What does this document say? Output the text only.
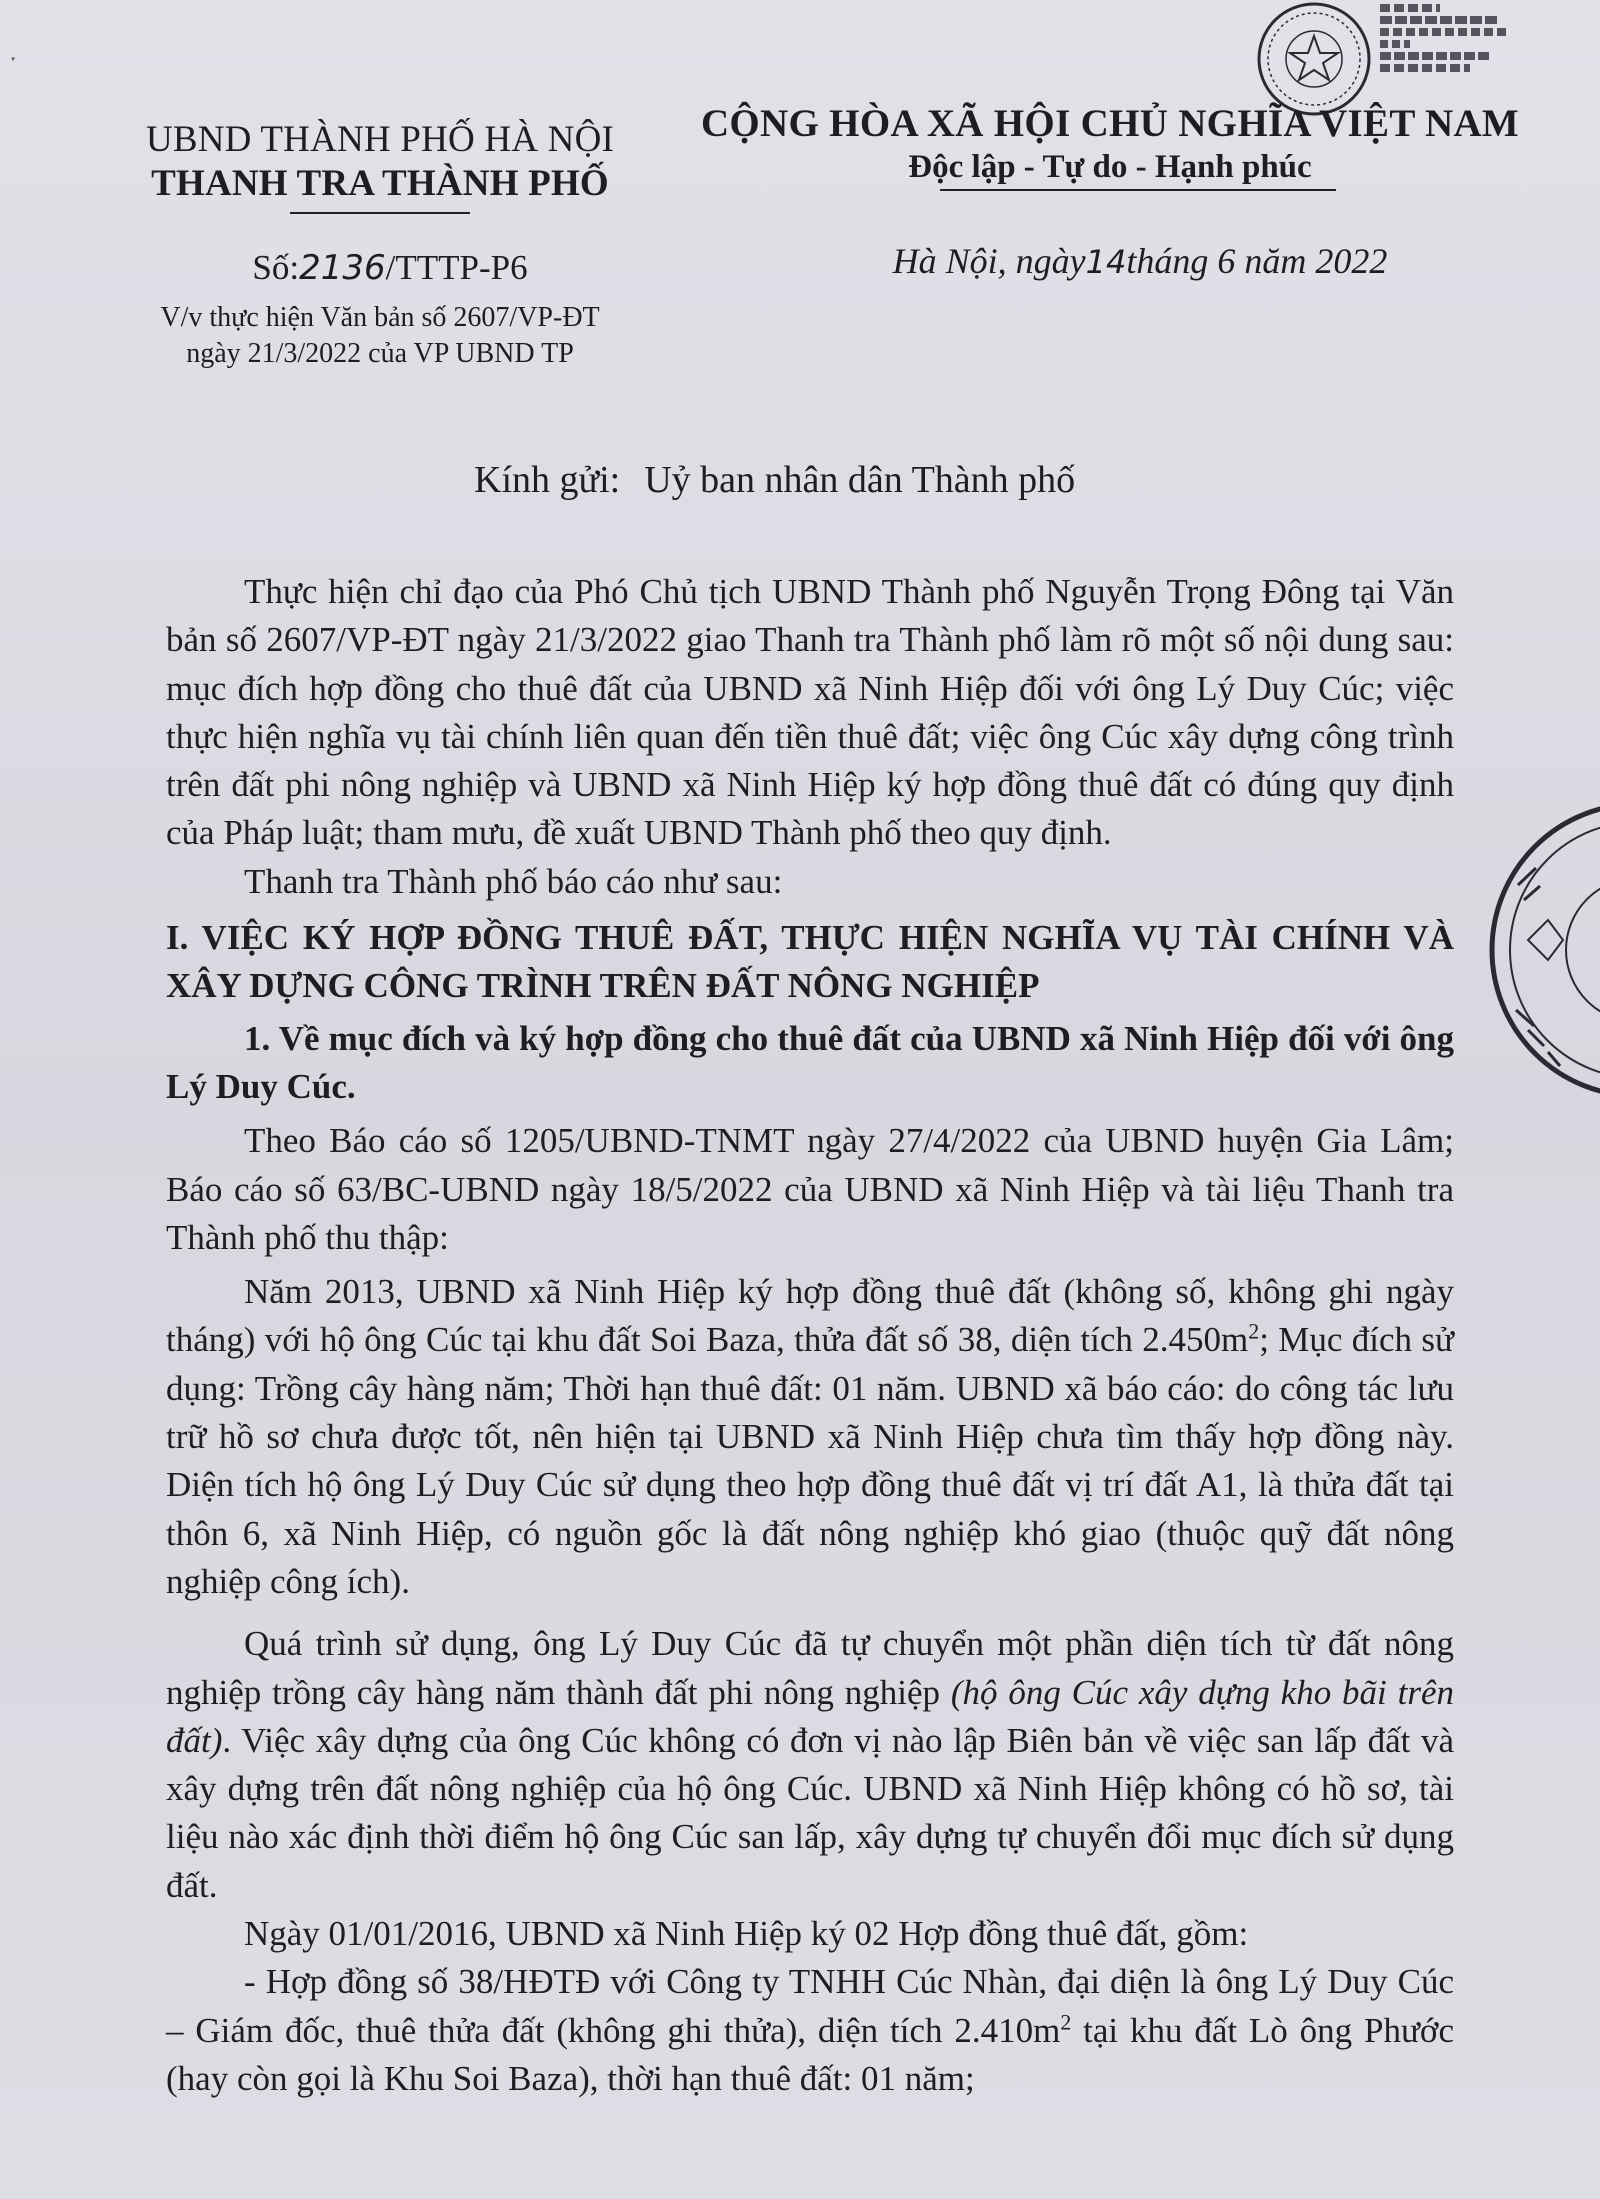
ˑ
UBND THÀNH PHỐ HÀ NỘI
THANH TRA THÀNH PHỐ
CỘNG HÒA XÃ HỘI CHỦ NGHĨA VIỆT NAM
Độc lập - Tự do - Hạnh phúc
Số:2136/TTTP-P6
V/v thực hiện Văn bản số 2607/VP-ĐT
ngày 21/3/2022 của VP UBND TP
Hà Nội, ngày14tháng 6 năm 2022
Kính gửi: Uỷ ban nhân dân Thành phố

Thực hiện chỉ đạo của Phó Chủ tịch UBND Thành phố Nguyễn Trọng Đông tại Văn bản số 2607/VP-ĐT ngày 21/3/2022 giao Thanh tra Thành phố làm rõ một số nội dung sau: mục đích hợp đồng cho thuê đất của UBND xã Ninh Hiệp đối với ông Lý Duy Cúc; việc thực hiện nghĩa vụ tài chính liên quan đến tiền thuê đất; việc ông Cúc xây dựng công trình trên đất phi nông nghiệp và UBND xã Ninh Hiệp ký hợp đồng thuê đất có đúng quy định của Pháp luật; tham mưu, đề xuất UBND Thành phố theo quy định.

Thanh tra Thành phố báo cáo như sau:

I. VIỆC KÝ HỢP ĐỒNG THUÊ ĐẤT, THỰC HIỆN NGHĨA VỤ TÀI CHÍNH VÀ XÂY DỰNG CÔNG TRÌNH TRÊN ĐẤT NÔNG NGHIỆP

1. Về mục đích và ký hợp đồng cho thuê đất của UBND xã Ninh Hiệp đối với ông Lý Duy Cúc.

Theo Báo cáo số 1205/UBND-TNMT ngày 27/4/2022 của UBND huyện Gia Lâm; Báo cáo số 63/BC-UBND ngày 18/5/2022 của UBND xã Ninh Hiệp và tài liệu Thanh tra Thành phố thu thập:

Năm 2013, UBND xã Ninh Hiệp ký hợp đồng thuê đất (không số, không ghi ngày tháng) với hộ ông Cúc tại khu đất Soi Baza, thửa đất số 38, diện tích $2.450m^2$; Mục đích sử dụng: Trồng cây hàng năm; Thời hạn thuê đất: 01 năm. UBND xã báo cáo: do công tác lưu trữ hồ sơ chưa được tốt, nên hiện tại UBND xã Ninh Hiệp chưa tìm thấy hợp đồng này. Diện tích hộ ông Lý Duy Cúc sử dụng theo hợp đồng thuê đất vị trí đất A1, là thửa đất tại thôn 6, xã Ninh Hiệp, có nguồn gốc là đất nông nghiệp khó giao (thuộc quỹ đất nông nghiệp công ích).

Quá trình sử dụng, ông Lý Duy Cúc đã tự chuyển một phần diện tích từ đất nông nghiệp trồng cây hàng năm thành đất phi nông nghiệp (hộ ông Cúc xây dựng kho bãi trên đất). Việc xây dựng của ông Cúc không có đơn vị nào lập Biên bản về việc san lấp đất và xây dựng trên đất nông nghiệp của hộ ông Cúc. UBND xã Ninh Hiệp không có hồ sơ, tài liệu nào xác định thời điểm hộ ông Cúc san lấp, xây dựng tự chuyển đổi mục đích sử dụng đất.

Ngày 01/01/2016, UBND xã Ninh Hiệp ký 02 Hợp đồng thuê đất, gồm:

- Hợp đồng số 38/HĐTĐ với Công ty TNHH Cúc Nhàn, đại diện là ông Lý Duy Cúc – Giám đốc, thuê thửa đất (không ghi thửa), diện tích $2.410m^2$ tại khu đất Lò ông Phước (hay còn gọi là Khu Soi Baza), thời hạn thuê đất: 01 năm;
